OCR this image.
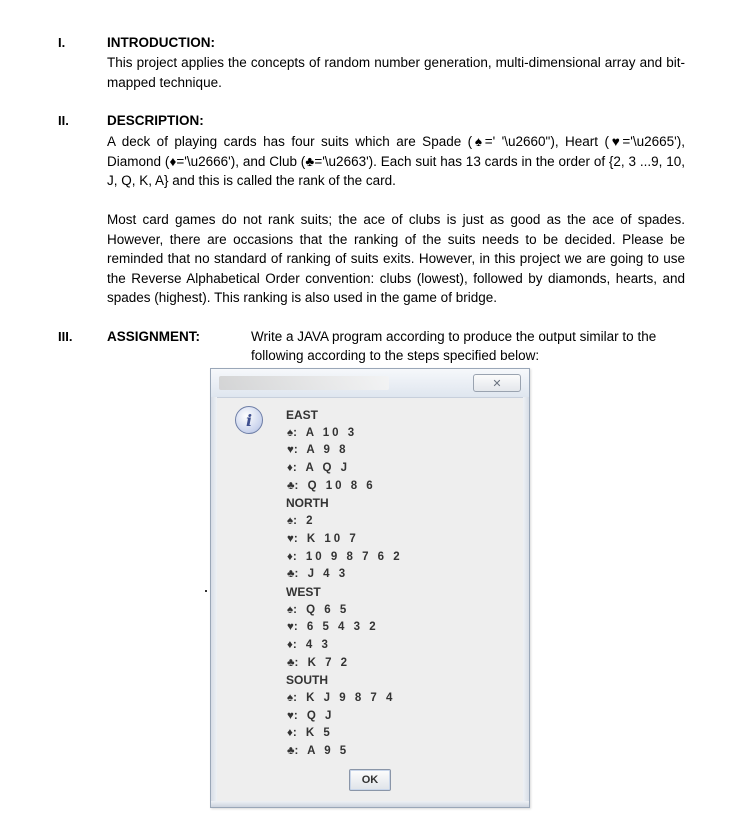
I.	INTRODUCTION:
This project applies the concepts of random number generation, multi-dimensional array and bit-mapped technique.
II.	DESCRIPTION:
A deck of playing cards has four suits which are Spade (♠=' '\u2660"), Heart (♥='\u2665'), Diamond (♦='\u2666'), and Club (♣='\u2663'). Each suit has 13 cards in the order of {2, 3 ...9, 10, J, Q, K, A} and this is called the rank of the card.
Most card games do not rank suits; the ace of clubs is just as good as the ace of spades. However, there are occasions that the ranking of the suits needs to be decided. Please be reminded that no standard of ranking of suits exits. However, in this project we are going to use the Reverse Alphabetical Order convention: clubs (lowest), followed by diamonds, hearts, and spades (highest). This ranking is also used in the game of bridge.
III.	ASSIGNMENT:	Write a JAVA program according to produce the output similar to the following according to the steps specified below:
✕
i	EAST
♠: A 10 3
♥: A 9 8
♦: A Q J
♣: Q 10 8 6
NORTH
♠: 2
♥: K 10 7
♦: 10 9 8 7 6 2
♣: J 4 3
WEST
♠: Q 6 5
♥: 6 5 4 3 2
♦: 4 3
♣: K 7 2
SOUTH
♠: K J 9 8 7 4
♥: Q J
♦: K 5
♣: A 9 5
OK
